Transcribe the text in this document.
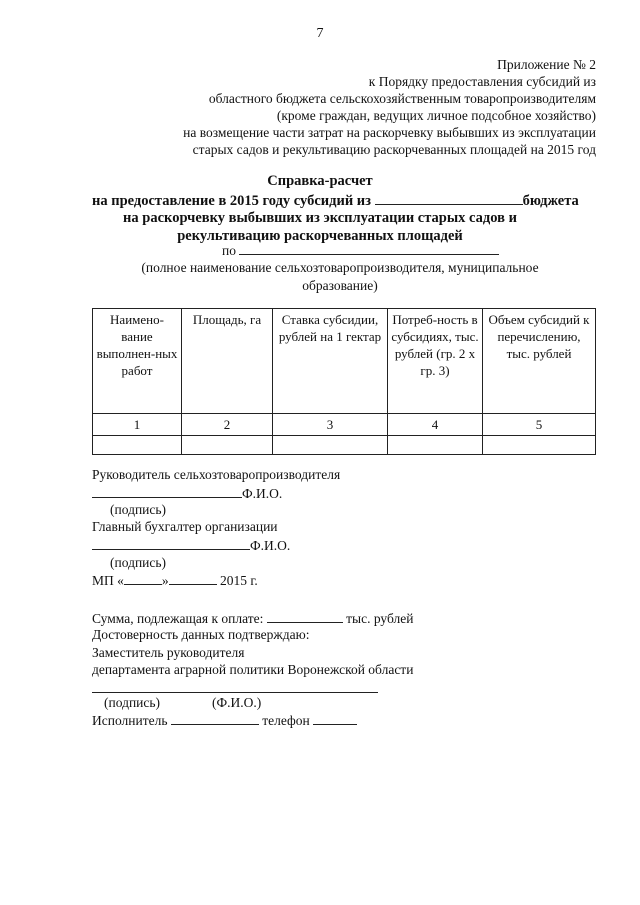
7
Приложение № 2
к Порядку предоставления субсидий из
областного бюджета сельскохозяйственным товаропроизводителям
(кроме граждан, ведущих личное подсобное хозяйство)
на возмещение части затрат на раскорчевку выбывших из эксплуатации
старых садов и рекультивацию раскорчеванных площадей на 2015 год
Справка-расчет
на предоставление в 2015 году субсидий из	бюджета
на раскорчевку выбывших из эксплуатации старых садов и
рекультивацию раскорчеванных площадей
по
(полное наименование сельхозтоваропроизводителя, муниципальное
образование)
Наимено-вание выполнен-ных работ	Площадь, га	Ставка субсидии, рублей на 1 гектар	Потреб-ность в субсидиях, тыс. рублей (гр. 2 х гр. 3)	Объем субсидий к перечислению, тыс. рублей
1	2	3	4	5

Руководитель сельхозтоваропроизводителя
Ф.И.О.
(подпись)
Главный бухгалтер организации
Ф.И.О.
(подпись)
МП «	»	2015 г.
Сумма, подлежащая к оплате:	тыс. рублей
Достоверность данных подтверждаю:
Заместитель руководителя
департамента аграрной политики Воронежской области
(подпись)	(Ф.И.О.)
Исполнитель	телефон
